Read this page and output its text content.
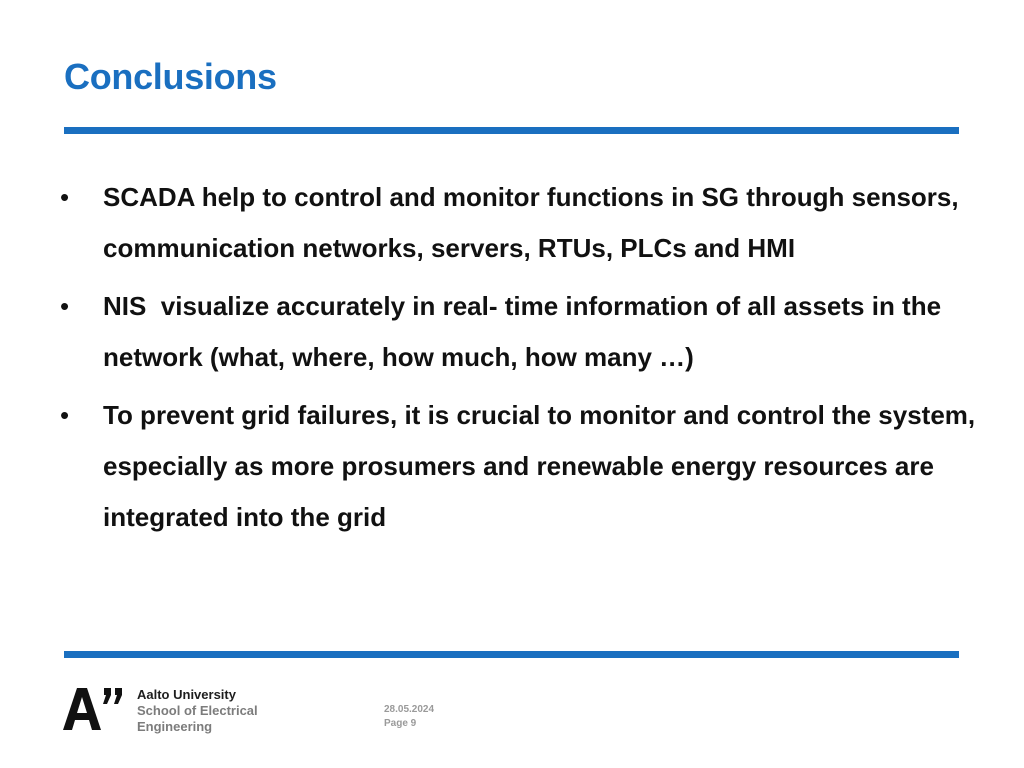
Conclusions
•	SCADA help to control and monitor functions in SG through sensors, communication networks, servers, RTUs, PLCs and HMI
•	NIS  visualize accurately in real- time information of all assets in the network (what, where, how much, how many …)
•	To prevent grid failures, it is crucial to monitor and control the system, especially as more prosumers and renewable energy resources are integrated into the grid
Aalto University
School of Electrical
Engineering
28.05.2024
Page 9
